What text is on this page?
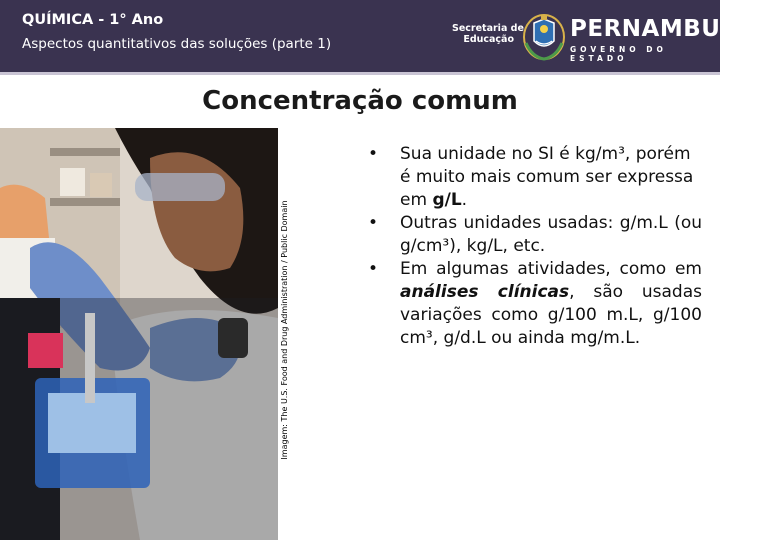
QUÍMICA - 1° Ano
Aspectos quantitativos das soluções (parte 1)
Secretaria de
Educação PERNAMBUCO
GOVERNO DO ESTADO
Concentração comum
Imagem: The U.S. Food and Drug Administration / Public Domain
•	Sua unidade no SI é kg/m³, porém é muito mais comum ser expressa em g/L.
•	Outras unidades usadas: g/m.L (ou g/cm³), kg/L, etc.
•	Em algumas atividades, como em análises clínicas, são usadas variações como g/100 m.L, g/100 cm³, g/d.L ou ainda mg/m.L.
